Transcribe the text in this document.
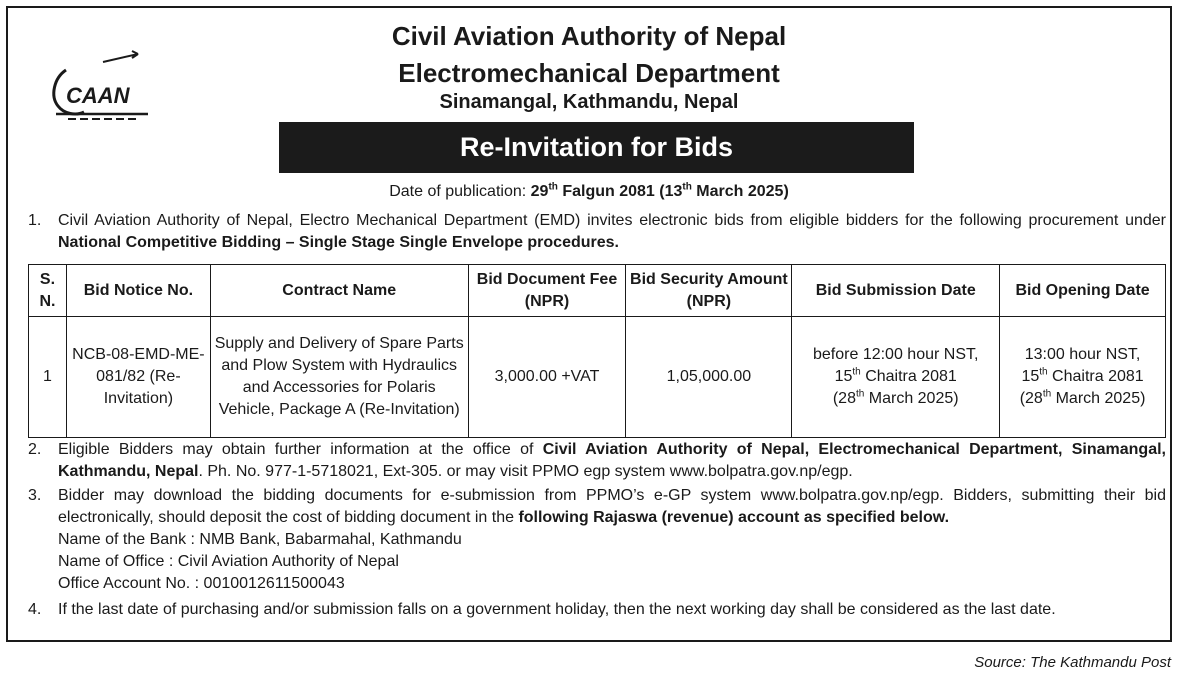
CAAN
Civil Aviation Authority of Nepal
Electromechanical Department
Sinamangal, Kathmandu, Nepal
Re-Invitation for Bids
Date of publication: 29th Falgun 2081 (13th March 2025)
1.	Civil Aviation Authority of Nepal, Electro Mechanical Department (EMD) invites electronic bids from eligible bidders for the following procurement under National Competitive Bidding – Single Stage Single Envelope procedures.
S. N.	Bid Notice No.	Contract Name	Bid Document Fee (NPR)	Bid Security Amount (NPR)	Bid Submission Date	Bid Opening Date
1	NCB-08-EMD-ME-081/82 (Re-Invitation)	Supply and Delivery of Spare Parts and Plow System with Hydraulics and Accessories for Polaris Vehicle, Package A (Re-Invitation)	3,000.00 +VAT	1,05,000.00	before 12:00 hour NST,
15th Chaitra 2081
(28th March 2025)	13:00 hour NST,
15th Chaitra 2081
(28th March 2025)
2.	Eligible Bidders may obtain further information at the office of Civil Aviation Authority of Nepal, Electromechanical Department, Sinamangal, Kathmandu, Nepal. Ph. No. 977-1-5718021, Ext-305. or may visit PPMO egp system www.bolpatra.gov.np/egp.
3.	Bidder may download the bidding documents for e-submission from PPMO’s e-GP system www.bolpatra.gov.np/egp. Bidders, submitting their bid electronically, should deposit the cost of bidding document in the following Rajaswa (revenue) account as specified below.
Name of the Bank : NMB Bank, Babarmahal, Kathmandu
Name of Office : Civil Aviation Authority of Nepal
Office Account No. : 0010012611500043
4.	If the last date of purchasing and/or submission falls on a government holiday, then the next working day shall be considered as the last date.
Source: The Kathmandu Post
